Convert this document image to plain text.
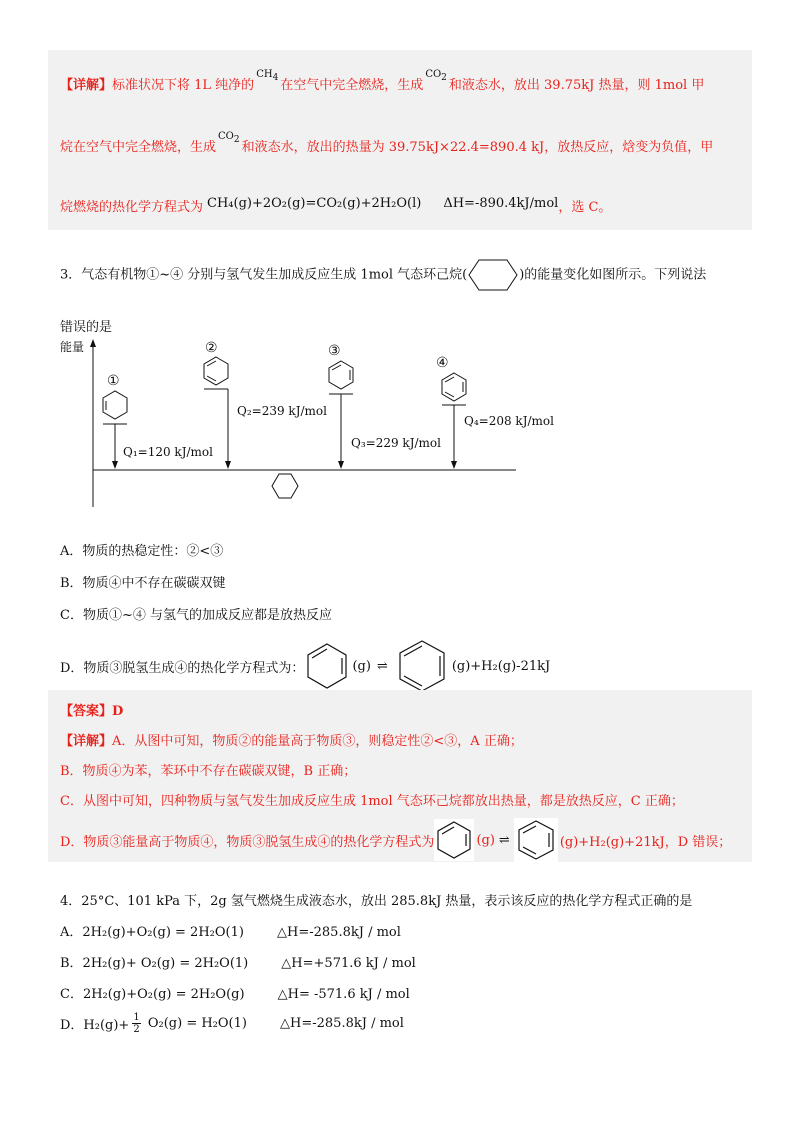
【详解】标准状况下将 1L 纯净的$^{CH4}$ 在空气中完全燃烧，生成$^{CO2}$ 和液态水，放出 39.75kJ 热量，则 1mol 甲
烷在空气中完全燃烧，生成$^{CO2}$ 和液态水，放出的热量为 39.75kJ×22.4=890.4 kJ，放热反应，焓变为负值，甲
烷燃烧的热化学方程式为 CH₄(g)+2O₂(g)=CO₂(g)+2H₂O(l) ΔH=-890.4kJ/mol，选 C。
3．气态有机物①~④ 分别与氢气发生加成反应生成 1mol 气态环己烷(	)的能量变化如图所示。下列说法
错误的是
能量
①
Q₁=120 kJ/mol
②
Q₂=239 kJ/mol
③
Q₃=229 kJ/mol
④
Q₄=208 kJ/mol
A．物质的热稳定性：②<③
B．物质④中不存在碳碳双键
C．物质①~④ 与氢气的加成反应都是放热反应
D．物质③脱氢生成④的热化学方程式为：	(g) ⇌	(g)+H₂(g)-21kJ
【答案】D
【详解】A．从图中可知，物质②的能量高于物质③，则稳定性②<③，A 正确；
B．物质④为苯，苯环中不存在碳碳双键，B 正确；
C．从图中可知，四种物质与氢气发生加成反应生成 1mol 气态环己烷都放出热量，都是放热反应，C 正确；
D．物质③能量高于物质④，物质③脱氢生成④的热化学方程式为	(g) ⇌	(g)+H₂(g)+21kJ，D 错误；
4．25°C、101 kPa 下，2g 氢气燃烧生成液态水，放出 285.8kJ 热量，表示该反应的热化学方程式正确的是
A．2H₂(g)+O₂(g) = 2H₂O(1)        △H=-285.8kJ / mol
B．2H₂(g)+ O₂(g) = 2H₂O(1)        △H=+571.6 kJ / mol
C．2H₂(g)+O₂(g) = 2H₂O(g)        △H= -571.6 kJ / mol
D．$H_2(g)+ \frac{1}{2} O_2(g) = H_2O(1)$        △H=-285.8kJ / mol
